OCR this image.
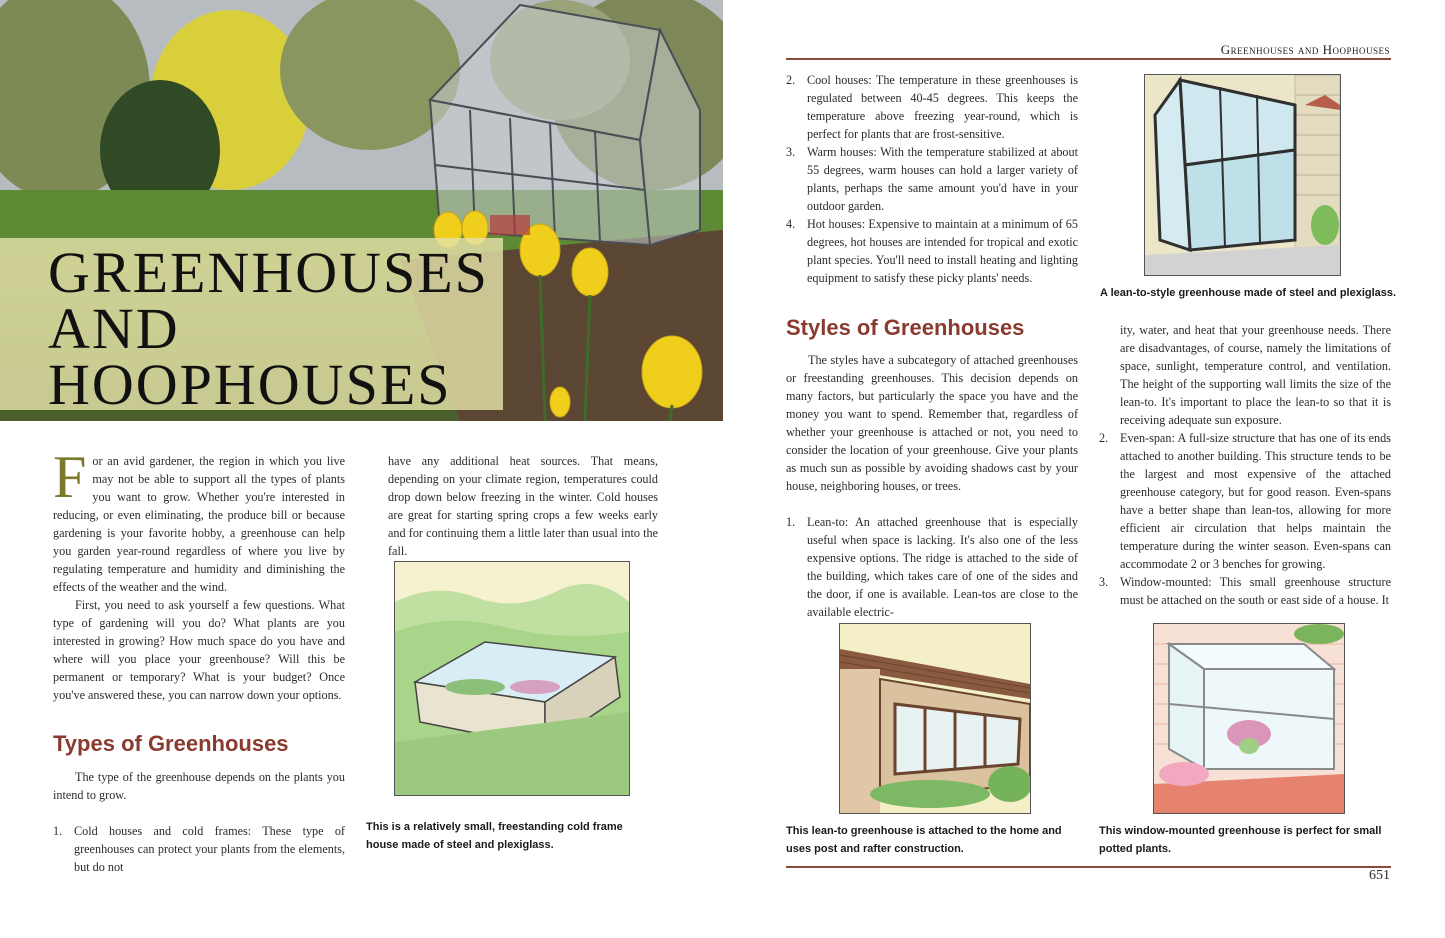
GREENHOUSES
AND
HOOPHOUSES

For an avid gardener, the region in which you live may not be able to support all the types of plants you want to grow. Whether you're interested in reducing, or even eliminating, the produce bill or because gardening is your favorite hobby, a greenhouse can help you garden year-round regardless of where you live by regulating temperature and humidity and diminishing the effects of the weather and the wind.

First, you need to ask yourself a few questions. What type of gardening will you do? What plants are you interested in growing? How much space do you have and where will you place your greenhouse? Will this be permanent or temporary? What is your budget? Once you've answered these, you can narrow down your options.

Types of Greenhouses

The type of the greenhouse depends on the plants you intend to grow.

1. Cold houses and cold frames: These type of greenhouses can protect your plants from the elements, but do not

have any additional heat sources. That means, depending on your climate region, temperatures could drop down below freezing in the winter. Cold houses are great for starting spring crops a few weeks early and for continuing them a little later than usual into the fall.

This is a relatively small, freestanding cold frame house made of steel and plexiglass.
Greenhouses and Hoophouses
2. Cool houses: The temperature in these greenhouses is regulated between 40-45 degrees. This keeps the temperature above freezing year-round, which is perfect for plants that are frost-sensitive.
3. Warm houses: With the temperature stabilized at about 55 degrees, warm houses can hold a larger variety of plants, perhaps the same amount you'd have in your outdoor garden.
4. Hot houses: Expensive to maintain at a minimum of 65 degrees, hot houses are intended for tropical and exotic plant species. You'll need to install heating and lighting equipment to satisfy these picky plants' needs.
A lean-to-style greenhouse made of steel and plexiglass.
Styles of Greenhouses

The styles have a subcategory of attached greenhouses or freestanding greenhouses. This decision depends on many factors, but particularly the space you have and the money you want to spend. Remember that, regardless of whether your greenhouse is attached or not, you need to consider the location of your greenhouse. Give your plants as much sun as possible by avoiding shadows cast by your house, neighboring houses, or trees.

1. Lean-to: An attached greenhouse that is especially useful when space is lacking. It's also one of the less expensive options. The ridge is attached to the side of the building, which takes care of one of the sides and the door, if one is available. Lean-tos are close to the available electric-

ity, water, and heat that your greenhouse needs. There are disadvantages, of course, namely the limitations of space, sunlight, temperature control, and ventilation. The height of the supporting wall limits the size of the lean-to. It's important to place the lean-to so that it is receiving adequate sun exposure.

2. Even-span: A full-size structure that has one of its ends attached to another building. This structure tends to be the largest and most expensive of the attached greenhouse category, but for good reason. Even-spans have a better shape than lean-tos, allowing for more efficient air circulation that helps maintain the temperature during the winter season. Even-spans can accommodate 2 or 3 benches for growing.
3. Window-mounted: This small greenhouse structure must be attached on the south or east side of a house. It
This lean-to greenhouse is attached to the home and uses post and rafter construction.
This window-mounted greenhouse is perfect for small potted plants.
651
